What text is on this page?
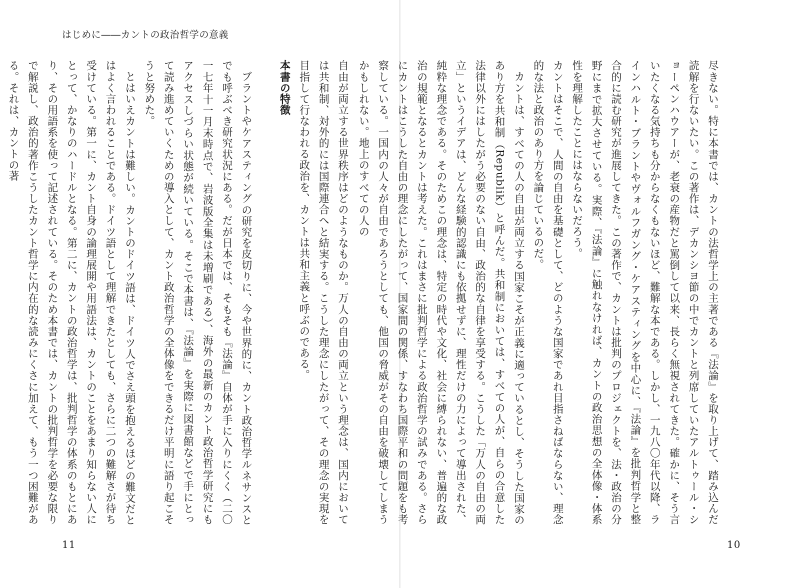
はじめに――カントの政治哲学の意義

尽きない。特に本書では、カントの法哲学上の主著である『法論』を取り上げて、踏み込んだ読解を行ないたい。この著作は、デカンシヨ節の中でカントと列席していたアルトゥール・ショーペンハウアーが、老衰の産物だと罵倒して以来、長らく無視されてきた。確かに、そう言いたくなる気持ちも分からなくもないほど、難解な本である。しかし、一九八〇年代以降、ラインハルト・ブラントやヴォルフガング・ケアスティングを中心に、『法論』を批判哲学と整合的に読む研究が進展してきた。この著作で、カントは批判のプロジェクトを、法・政治の分野にまで拡大させている。実際、『法論』に触れなければ、カントの政治思想の全体像・体系性を理解したことにはならないだろう。

カントはそこで、人間の自由を基礎として、どのような国家であれ目指さねばならない、理念的な法と政治のあり方を論じているのだ。

カントは、すべての人の自由が両立する国家こそが正義に適っているとし、そうした国家のあり方を共和制（Republik）と呼んだ。共和制においては、すべての人が、自らの合意した法律以外にはしたがう必要のない自由、政治的な自律を享受する。こうした「万人の自由の両立」というイデアは、どんな経験的認識にも依拠せずに、理性だけの力によって導出された、純粋な理念である。そのためこの理念は、特定の時代や文化、社会に縛られない、普遍的な政治の規範となるとカントは考えた。これはまさに批判哲学による政治哲学の試みである。さらにカントはこうした自由の理念にしたがって、国家間の関係、すなわち国際平和の問題をも考察している。一国内の人々が自由であろうとしても、他国の脅威がその自由を破壊してしまうかもしれない。地上のすべての人の

自由が両立する世界秩序はどのようなものか。万人の自由の両立という理念は、国内においては共和制、対外的には国際連合へと結実する。こうした理念にしたがって、その理念の実現を目指して行なわれる政治を、カントは共和主義と呼ぶのである。

本書の特徴

ブラントやケアスティングの研究を皮切りに、今や世界的に、カント政治哲学ルネサンスとでも呼ぶべき研究状況にある。だが日本では、そもそも『法論』自体が手に入りにくく（二〇一七年十一月末時点で、岩波版全集は未増刷である）、海外の最新のカント政治哲学研究にもアクセスしづらい状態が続いている。そこで本書は、『法論』を実際に図書館などで手にとって読み進めていくための導入として、カント政治哲学の全体像をできるだけ平明に語り起こそうと努めた。

とはいえカントは難しい。カントのドイツ語は、ドイツ人でさえ頭を抱えるほどの難文だとはよく言われることである。ドイツ語として理解できたとしても、さらに二つの難解さが待ち受けている。第一に、カント自身の論理展開や用語法は、カントのことをあまり知らない人にとって、かなりのハードルとなる。第二に、カントの政治哲学は、批判哲学の体系のもとにあり、その用語系を使って記述されている。そのため本書では、カントの批判哲学を必要な限りで解説し、政治的著作こうしたカント哲学に内在的な読みにくさに加えて、もう一つ困難がある。それは、カントの著

11	10
